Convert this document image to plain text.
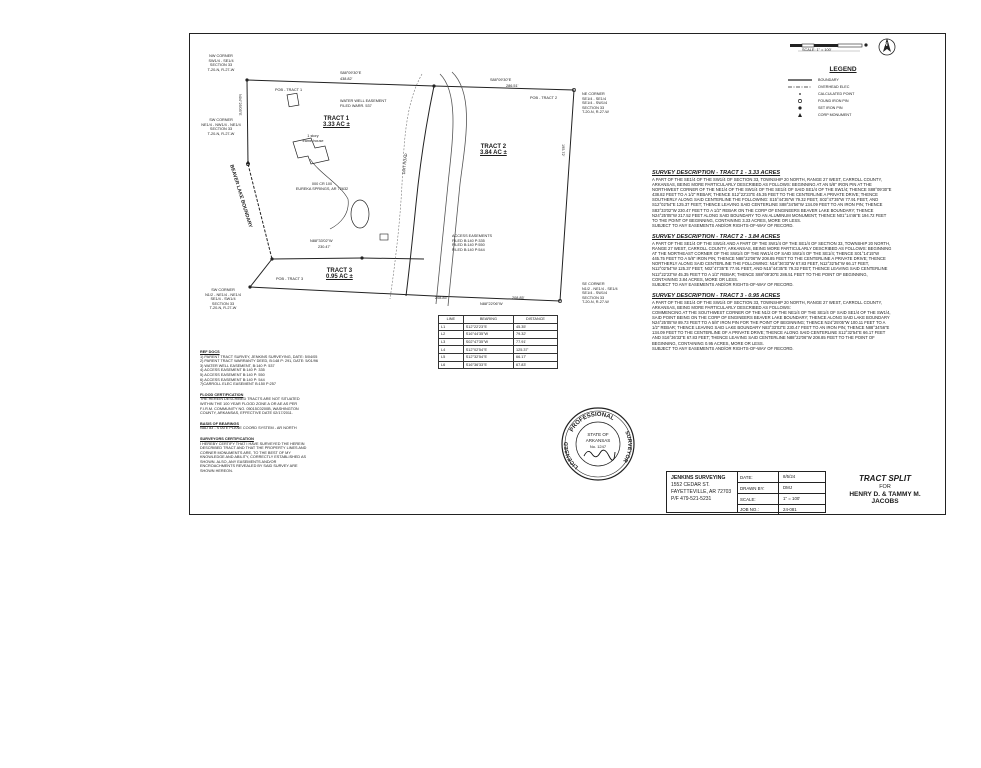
SCALE: 1" = 100'
N
LEGEND
BOUNDARY
OVERHEAD ELEC
CALCULATED POINT
FOUND IRON PIN
SET IRON PIN
CORP MONUMENT
NW CORNER
SW1/4 - SE1/4
SECTION 33
T-20-N, R-27-W
SW CORNER
NE1/4 - NW1/4 - NE1/4
SECTION 33
T-20-N, R-27-W
SW CORNER
N1/2 - NE1/4 - NE1/4
SE1/4 - SW1/4
SECTION 33
T-20-N, R-27-W
NE CORNER
SE1/4 - SE1/4
SE1/4 - SW1/4
SECTION 33
T-20-N, R-27-W
SE CORNER
N1/2 - NE1/4 - SE1/4
SE1/4 - SW1/4
SECTION 33
T-20-N, R-27-W
POB - TRACT 1
POB - TRACT 2
POB - TRACT 3
S88°09'30"E
438.82'	S88°09'30"E
286.51'
N88°33'02"W
230.47'
N88°22'06"W
208.85'	208.85'
195.72'
N04°25'05"E
BEAVER LAKE BOUNDARY
TRACT 1
3.33 AC ±
TRACT 2
3.84 AC ±
TRACT 3
0.95 AC ±
1 story
frame house
WATER WELL EASEMENT
FILED WARR. 537
000 CR 100
EUREKA SPRINGS, AR 72632
ACCESS EASEMENTS
FILED B:140 P:335
FILED B:140 P:550
FILED B:140 P:544
DIRT ROAD
LINE	BEARING	DISTANCE
L1	S12°22'23"E	45.35'
L2	S16°44'35"W	79.32'
L3	S02°47'35"W	77.91'
L4	S12°02'54"E	125.37'
L5	S12°32'54"E	66.17'
L6	S16°36'33"E	67.83'
SURVEY DESCRIPTION - TRACT 1 - 3.33 ACRES

A PART OF THE SE1/4 OF THE SW1/4 OF SECTION 33, TOWNSHIP 20 NORTH, RANGE 27 WEST, CARROLL COUNTY, ARKANSAS, BEING MORE PARTICULARLY DESCRIBED AS FOLLOWS: BEGINNING AT AN 5/8" IRON PIN AT THE NORTHWEST CORNER OF THE NE1/4 OF THE SW1/4 OF THE SE1/4 OF SAID SE1/4 OF THE SW1/4; THENCE S88°09'30"E 438.82 FEET TO A 1/2" REBAR; THENCE S12°22'23"E 45.35 FEET TO THE CENTERLINE A PRIVATE DRIVE; THENCE SOUTHERLY ALONG SAID CENTERLINE THE FOLLOWING: S15°44'35"W 79.32 FEET, S02°47'35"W 77.91 FEET, AND S12°02'54"E 125.37 FEET; THENCE LEAVING SAID CENTERLINE S88°34'56"W 134.09 FEET TO AN IRON PIN; THENCE S83°33'02"W 230.47 FEET TO A 1/2" REBAR ON THE CORP OF ENGINEERS BEAVER LAKE BOUNDARY; THENCE N24°25'05"W 217.52 FEET ALONG SAID BOUNDARY TO AN ALUMINUM MONUMENT; THENCE N01°14'46"E 194.72 FEET TO THE POINT OF BEGINNING, CONTAINING 3.33 ACRES, MORE OR LESS.
SUBJECT TO ANY EASEMENTS AND/OR RIGHTS-OF-WAY OF RECORD.

SURVEY DESCRIPTION - TRACT 2 - 3.84 ACRES

A PART OF THE SE1/4 OF THE SW1/4 AND A PART OF THE SW1/4 OF THE SE1/4 OF SECTION 33, TOWNSHIP 20 NORTH, RANGE 27 WEST, CARROLL COUNTY, ARKANSAS, BEING MORE PARTICULARLY DESCRIBED AS FOLLOWS: BEGINNING AT THE NORTHEAST CORNER OF THE SW1/4 OF THE NW1/4 OF SAID SW1/4 OF THE SE1/4; THENCE S01°14'15"W 445.75 FEET TO A 5/8" IRON PIN; THENCE N88°22'06"W 208.85 FEET TO THE CENTERLINE A PRIVATE DRIVE; THENCE NORTHERLY ALONG SAID CENTERLINE THE FOLLOWING: N16°36'33"W 67.83 FEET, N12°32'54"W 66.17 FEET, N12°02'54"W 125.37 FEET, N02°47'35"E 77.91 FEET, AND N15°44'35"E 79.32 FEET; THENCE LEAVING SAID CENTERLINE N12°22'23"W 45.35 FEET TO A 1/2" REBAR; THENCE S88°09'30"E 286.51 FEET TO THE POINT OF BEGINNING, CONTAINING 3.84 ACRES, MORE OR LESS.
SUBJECT TO ANY EASEMENTS AND/OR RIGHTS-OF-WAY OF RECORD.

SURVEY DESCRIPTION - TRACT 3 - 0.95 ACRES

A PART OF THE SE1/4 OF THE SW1/4 OF SECTION 33, TOWNSHIP 20 NORTH, RANGE 27 WEST, CARROLL COUNTY, ARKANSAS, BEING MORE PARTICULARLY DESCRIBED AS FOLLOWS:
COMMENCING AT THE SOUTHWEST CORNER OF THE N1/2 OF THE NE1/4 OF THE SE1/4 OF SAID SE1/4 OF THE SW1/4, SAID POINT BEING ON THE CORP OF ENGINEERS BEAVER LAKE BOUNDARY; THENCE ALONG SAID LAKE BOUNDARY N24°25'05"W 89.73 FEET TO A 5/8" IRON PIN FOR THE POINT OF BEGINNING; THENCE N24°25'05"W 100.11 FEET TO A 1/2" REBAR; THENCE LEAVING SAID LAKE BOUNDARY N83°33'02"E 230.47 FEET TO AN IRON PIN; THENCE N88°34'56"E 134.09 FEET TO THE CENTERLINE OF A PRIVATE DRIVE; THENCE ALONG SAID CENTERLINE S12°32'54"E 66.17 FEET AND S16°36'33"E 67.83 FEET; THENCE LEAVING SAID CENTERLINE N88°22'06"W 208.85 FEET TO THE POINT OF BEGINNING, CONTAINING 0.95 ACRES, MORE OR LESS.
SUBJECT TO ANY EASEMENTS AND/OR RIGHTS-OF-WAY OF RECORD.

REF DOCS
1) PARENT TRACT SURVEY, JENKINS SURVEYING, DATE: 5/04/05
2) PARENT TRACT WARRANTY DEED, B:148 P: 291, DATE: 5/01/96
3) WATER WELL EASEMENT, B:140 P: 537
4) ACCESS EASEMENT B:140 P: 335
5) ACCESS EASEMENT B:140 P: 550
6) ACCESS EASEMENT B:140 P: 544
7)CARROLL ELEC EASEMENT B:150 P:257
FLOOD CERTIFICATION
THE HEREIN DESCRIBED TRACTS ARE NOT SITUATED WITHIN THE 100 YEAR FLOOD ZONE A OR AE AS PER F.I.R.M. COMMUNITY NO. 05015C0200B, WASHINGTON COUNTY, ARKANSAS, EFFECTIVE DATE 02/17/2011.
BASIS OF BEARINGS
NAD 83 - STATE PLANE COORD SYSTEM - AR NORTH
SURVEYORS CERTIFICATION
I HEREBY CERTIFY THAT I HAVE SURVEYED THE HEREIN DESCRIBED TRACT AND THAT THE PROPERTY LINES AND CORNER MONUMENTS ARE, TO THE BEST OF MY KNOWLEDGE AND ABILITY, CORRECTLY ESTABLISHED AS SHOWN. ALSO, ANY EASEMENTS AND/OR ENCROACHMENTS REVEALED BY SAID SURVEY ARE SHOWN HEREON.
PROFESSIONAL
LICENSED
SURVEYOR
STATE OF
ARKANSAS
No. 1247
JENKINS SURVEYING
1552 CEDAR ST.
FAYETTEVILLE, AR 72703
P/F 479-521-5231
DATE:	8/5/24
DRAWN BY:	DMJ
SCALE:	1" = 100'
JOB NO.:	24-081
TRACT SPLIT
FOR
HENRY D. & TAMMY M.
JACOBS
